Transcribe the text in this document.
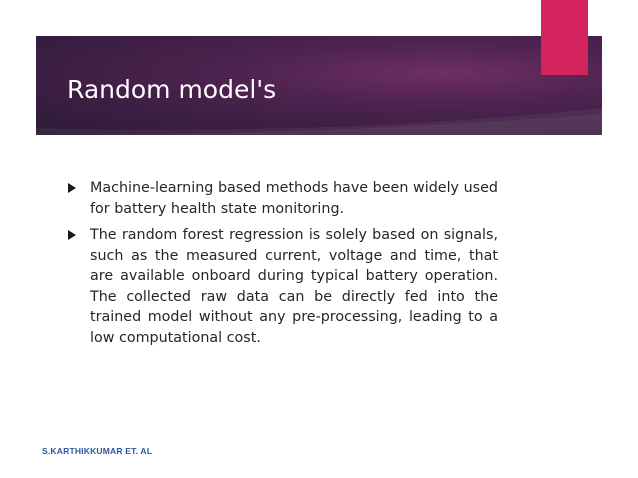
Random model's
Machine-learning based methods have been widely used for battery health state monitoring.
The random forest regression is solely based on signals, such as the measured current, voltage and time, that are available onboard during typical battery operation. The collected raw data can be directly fed into the trained model without any pre-processing, leading to a low computational cost.
S.KARTHIKKUMAR ET. AL
